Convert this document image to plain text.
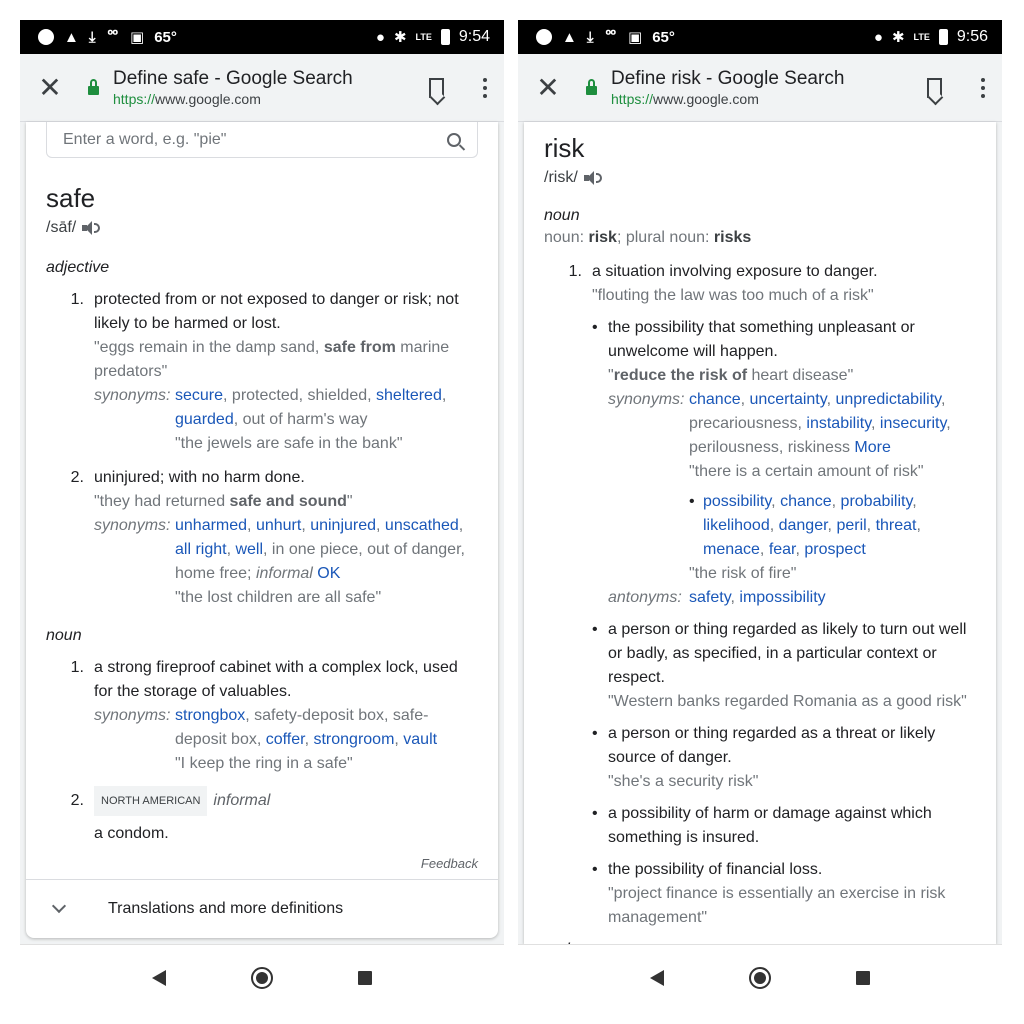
▲ ⤓ ᅇ ▣ 65°	● ✱ LTE 9:54
✕	Define safe - Google Search
https://www.google.com
Enter a word, e.g. "pie"
safe
/sāf/
adjective
1. protected from or not exposed to danger or risk; not likely to be harmed or lost.
"eggs remain in the damp sand, safe from marine predators"
synonyms: secure, protected, shielded, sheltered, guarded, out of harm's way
"the jewels are safe in the bank"
2. uninjured; with no harm done.
"they had returned safe and sound"
synonyms: unharmed, unhurt, uninjured, unscathed, all right, well, in one piece, out of danger, home free; informal OK
"the lost children are all safe"
noun
1. a strong fireproof cabinet with a complex lock, used for the storage of valuables.
synonyms: strongbox, safety-deposit box, safe-deposit box, coffer, strongroom, vault
"I keep the ring in a safe"
2.	NORTH AMERICAN informal
a condom.
Feedback
Translations and more definitions
▲ ⤓ ᅇ ▣ 65°	● ✱ LTE 9:56
✕	Define risk - Google Search
https://www.google.com
risk
/risk/
noun
noun: risk; plural noun: risks
1. a situation involving exposure to danger.
"flouting the law was too much of a risk"
• the possibility that something unpleasant or unwelcome will happen.
"reduce the risk of heart disease"
synonyms: chance, uncertainty, unpredictability, precariousness, instability, insecurity, perilousness, riskiness More
"there is a certain amount of risk"
• possibility, chance, probability, likelihood, danger, peril, threat, menace, fear, prospect
"the risk of fire"
antonyms: safety, impossibility
• a person or thing regarded as likely to turn out well or badly, as specified, in a particular context or respect.
"Western banks regarded Romania as a good risk"
• a person or thing regarded as a threat or likely source of danger.
"she's a security risk"
• a possibility of harm or damage against which something is insured.
• the possibility of financial loss.
"project finance is essentially an exercise in risk management"
